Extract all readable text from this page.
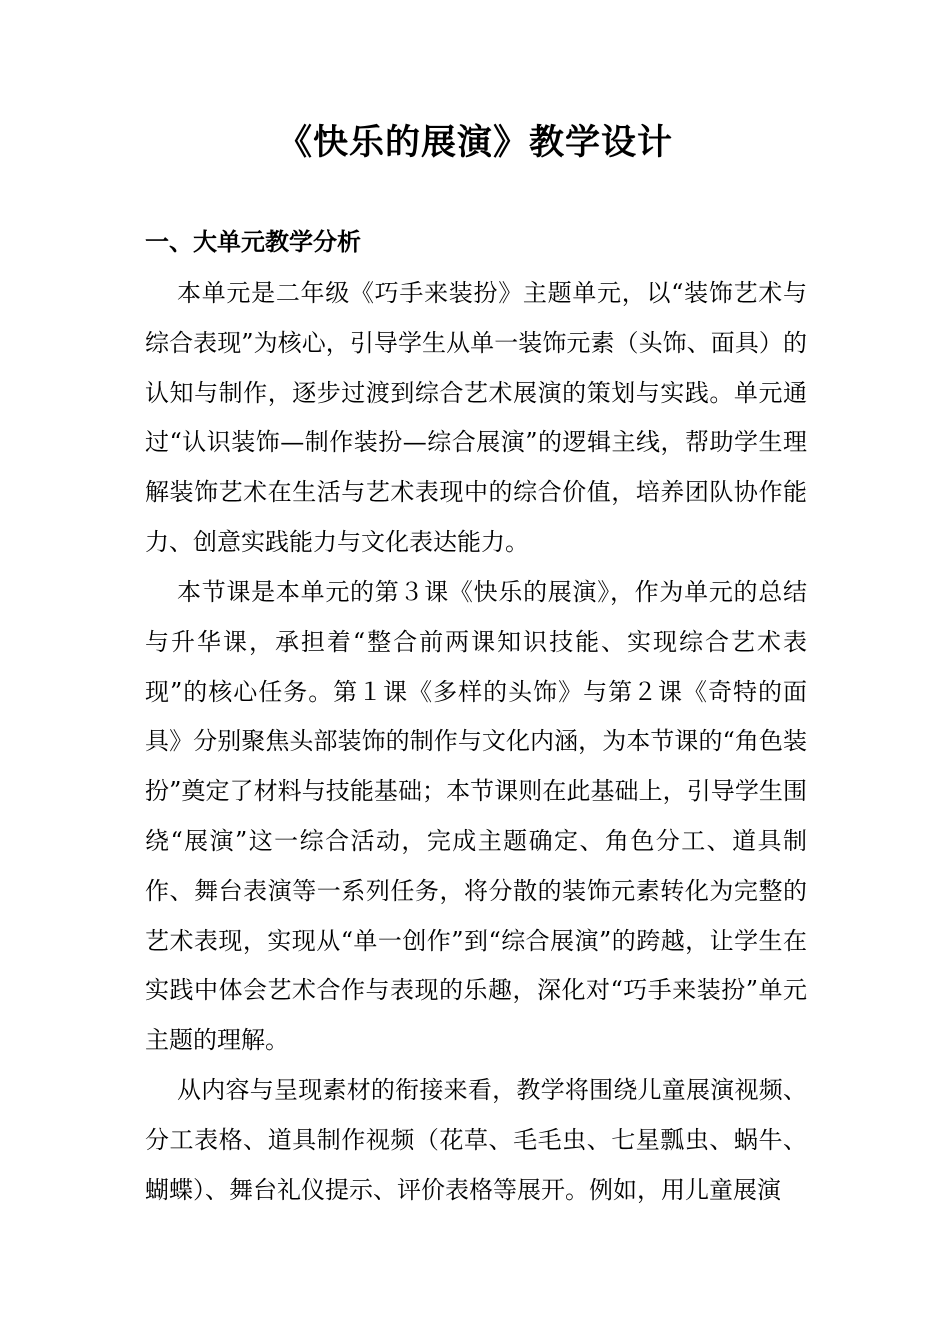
《快乐的展演》教学设计
一、大单元教学分析

本单元是二年级《巧手来装扮》主题单元，以“装饰艺术与综合表现”为核心，引导学生从单一装饰元素（头饰、面具）的认知与制作，逐步过渡到综合艺术展演的策划与实践。单元通过“认识装饰—制作装扮—综合展演”的逻辑主线，帮助学生理解装饰艺术在生活与艺术表现中的综合价值，培养团队协作能力、创意实践能力与文化表达能力。

本节课是本单元的第３课《快乐的展演》，作为单元的总结与升华课，承担着“整合前两课知识技能、实现综合艺术表现”的核心任务。第１课《多样的头饰》与第２课《奇特的面具》分别聚焦头部装饰的制作与文化内涵，为本节课的“角色装扮”奠定了材料与技能基础；本节课则在此基础上，引导学生围绕“展演”这一综合活动，完成主题确定、角色分工、道具制作、舞台表演等一系列任务，将分散的装饰元素转化为完整的艺术表现，实现从“单一创作”到“综合展演”的跨越，让学生在实践中体会艺术合作与表现的乐趣，深化对“巧手来装扮”单元主题的理解。

从内容与呈现素材的衔接来看，教学将围绕儿童展演视频、分工表格、道具制作视频（花草、毛毛虫、七星瓢虫、蜗牛、蝴蝶）、舞台礼仪提示、评价表格等展开。例如，用儿童展演
